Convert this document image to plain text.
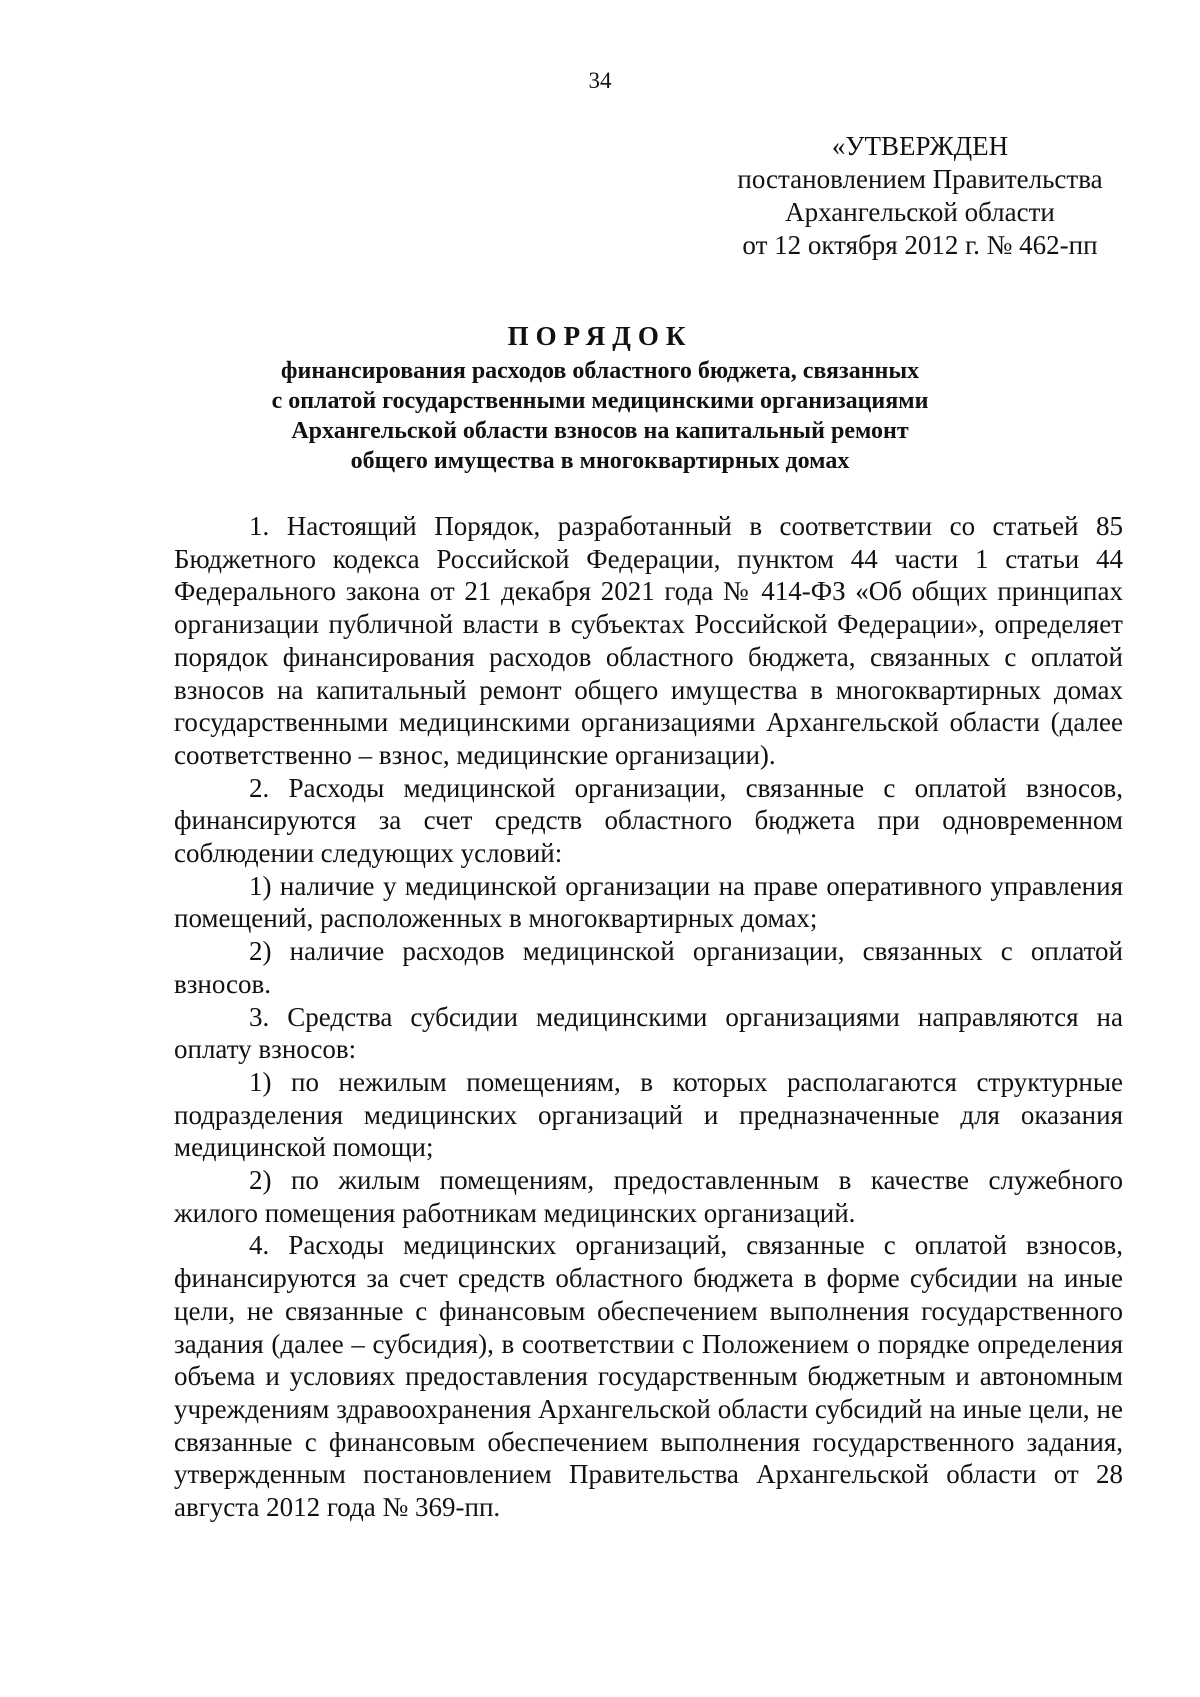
34
«УТВЕРЖДЕН
постановлением Правительства
Архангельской области
от 12 октября 2012 г. № 462-пп
ПОРЯДОК
финансирования расходов областного бюджета, связанных
с оплатой государственными медицинскими организациями
Архангельской области взносов на капитальный ремонт
общего имущества в многоквартирных домах

1. Настоящий Порядок, разработанный в соответствии со статьей 85 Бюджетного кодекса Российской Федерации, пунктом 44 части 1 статьи 44 Федерального закона от 21 декабря 2021 года № 414-ФЗ «Об общих принципах организации публичной власти в субъектах Российской Федерации», определяет порядок финансирования расходов областного бюджета, связанных с оплатой взносов на капитальный ремонт общего имущества в многоквартирных домах государственными медицинскими организациями Архангельской области (далее соответственно – взнос, медицинские организации).

2. Расходы медицинской организации, связанные с оплатой взносов, финансируются за счет средств областного бюджета при одновременном соблюдении следующих условий:

1) наличие у медицинской организации на праве оперативного управления помещений, расположенных в многоквартирных домах;

2) наличие расходов медицинской организации, связанных с оплатой взносов.

3. Средства субсидии медицинскими организациями направляются на оплату взносов:

1) по нежилым помещениям, в которых располагаются структурные подразделения медицинских организаций и предназначенные для оказания медицинской помощи;

2) по жилым помещениям, предоставленным в качестве служебного жилого помещения работникам медицинских организаций.

4. Расходы медицинских организаций, связанные с оплатой взносов, финансируются за счет средств областного бюджета в форме субсидии на иные цели, не связанные с финансовым обеспечением выполнения государственного задания (далее – субсидия), в соответствии с Положением о порядке определения объема и условиях предоставления государственным бюджетным и автономным учреждениям здравоохранения Архангельской области субсидий на иные цели, не связанные с финансовым обеспечением выполнения государственного задания, утвержденным постановлением Правительства Архангельской области от 28 августа 2012 года № 369-пп.
